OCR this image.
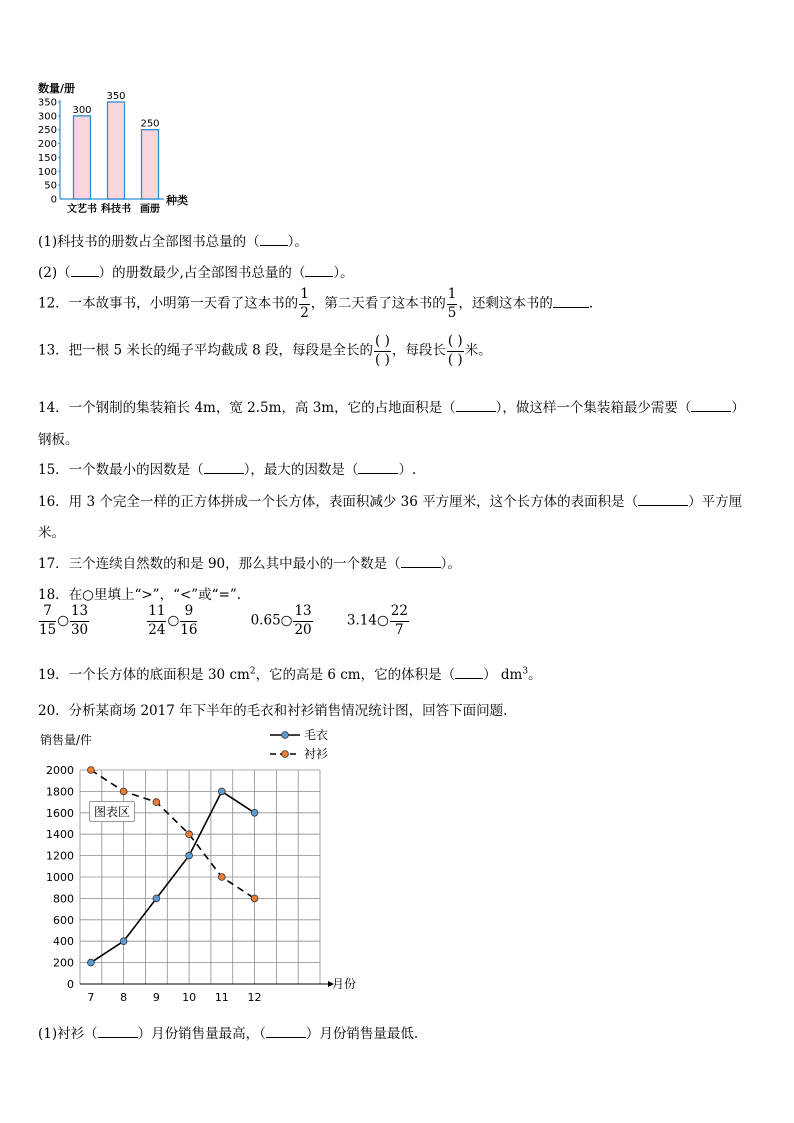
数量/册
0
50
100
150
200
250
300
350
300
文艺书
350
科技书
250
画册
种类
(1)科技书的册数占全部图书总量的（ ）。
(2)（ ）的册数最少,占全部图书总量的（ ）。
12．一本故事书，小明第一天看了这本书的 $\frac{1}{2}$ ，第二天看了这本书的 $\frac{1}{5}$ ，还剩这本书的	．
13．把一根 5 米长的绳子平均截成 8 段，每段是全长的 $\frac{( )}{( )}$ ，每段长 $\frac{( )}{( )}$ 米。
14．一个钢制的集装箱长 4m，宽 2.5m，高 3m，它的占地面积是（	），做这样一个集装箱最少需要（	）
钢板。
15．一个数最小的因数是（	），最大的因数是（	）.
16．用 3 个完全一样的正方体拼成一个长方体，表面积减少 36 平方厘米，这个长方体的表面积是（	）平方厘
米。
17．三个连续自然数的和是 90，那么其中最小的一个数是（	）。
18．在○里填上“>”，“<”或“=”.
$\frac{7}{15}$ ○ $\frac{13}{30}$
	$\frac{11}{24}$ ○ $\frac{9}{16}$	0.65○ $\frac{13}{20}$	3.14○ $\frac{22}{7}$
19．一个长方体的底面积是 30 $cm^2$，它的高是 6 cm，它的体积是（ ） $dm^3$。
20．分析某商场 2017 年下半年的毛衣和衬衫销售情况统计图，回答下面问题.
销售量/件
0
200
400
600
800
1000
1200
1400
1600
1800
2000
7 8 9 10 11 12
毛衣
衬衫
月份
图表区
(1)衬衫（	）月份销售量最高，（	）月份销售量最低.
